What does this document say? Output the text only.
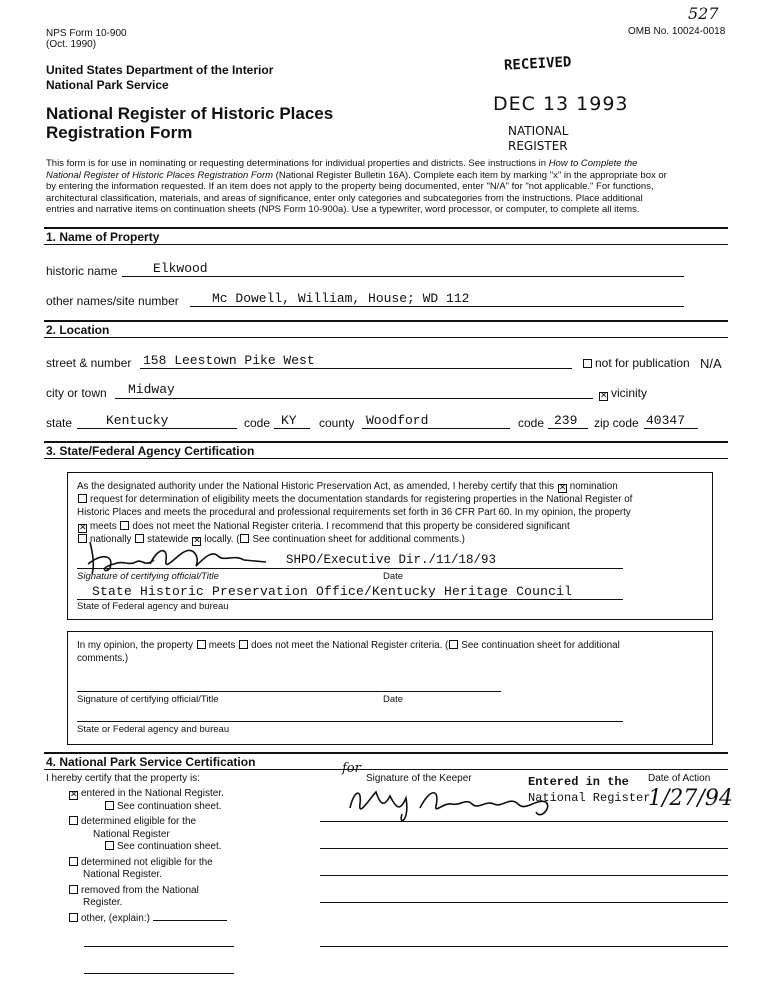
NPS Form 10-900
(Oct. 1990)
OMB No. 10024-0018
527
United States Department of the Interior
National Park Service
National Register of Historic Places
Registration Form
RECEIVED
DEC 13 1993
NATIONAL
REGISTER
This form is for use in nominating or requesting determinations for individual properties and districts. See instructions in How to Complete the
National Register of Historic Places Registration Form (National Register Bulletin 16A). Complete each item by marking "x" in the appropriate box or
by entering the information requested. If an item does not apply to the property being documented, enter "N/A" for "not applicable." For functions,
architectural classification, materials, and areas of significance, enter only categories and subcategories from the instructions. Place additional
entries and narrative items on continuation sheets (NPS Form 10-900a). Use a typewriter, word processor, or computer, to complete all items.
1. Name of Property
historic name	Elkwood
other names/site number	Mc Dowell, William, House; WD 112
2. Location
street & number 158 Leestown Pike West	not for publication N/A
city or town Midway	✕ vicinity
state	Kentucky	code KY county Woodford	code 239 zip code 40347
3. State/Federal Agency Certification
As the designated authority under the National Historic Preservation Act, as amended, I hereby certify that this ✕ nomination
request for determination of eligibility meets the documentation standards for registering properties in the National Register of
Historic Places and meets the procedural and professional requirements set forth in 36 CFR Part 60. In my opinion, the property
✕ meets does not meet the National Register criteria. I recommend that this property be considered significant
nationally statewide ✕ locally. ( See continuation sheet for additional comments.)
SHPO/Executive Dir./11/18/93
Signature of certifying official/Title	Date
State Historic Preservation Office/Kentucky Heritage Council
State of Federal agency and bureau
In my opinion, the property meets does not meet the National Register criteria. ( See continuation sheet for additional
comments.)
Signature of certifying official/Title	Date
State or Federal agency and bureau
4. National Park Service Certification
I hereby certify that the property is:
✕ entered in the National Register.
See continuation sheet.
determined eligible for the
National Register
See continuation sheet.
determined not eligible for the
National Register.
removed from the National
Register.
other, (explain:)
for
Signature of the Keeper	Entered in the
National Register
Date of Action
1/27/94
